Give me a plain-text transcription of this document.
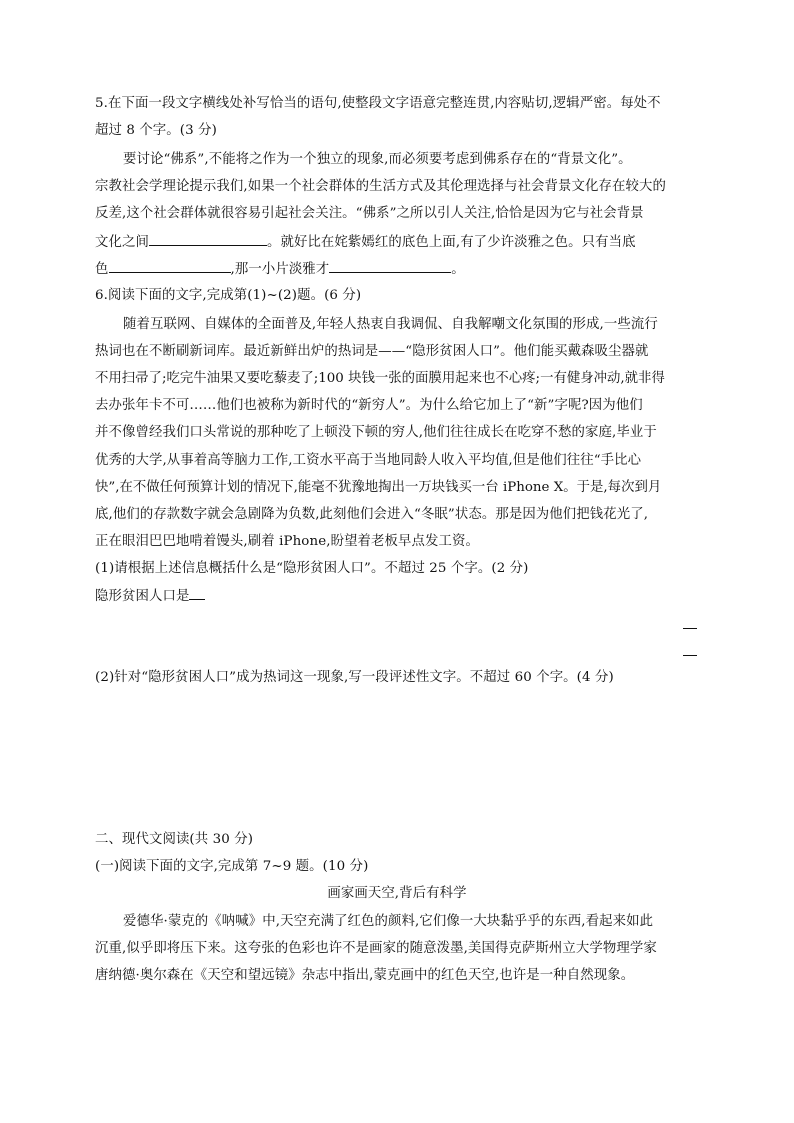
5.在下面一段文字横线处补写恰当的语句,使整段文字语意完整连贯,内容贴切,逻辑严密。每处不
超过 8 个字。(3 分)
要讨论“佛系”,不能将之作为一个独立的现象,而必须要考虑到佛系存在的“背景文化”。
宗教社会学理论提示我们,如果一个社会群体的生活方式及其伦理选择与社会背景文化存在较大的
反差,这个社会群体就很容易引起社会关注。“佛系”之所以引人关注,恰恰是因为它与社会背景
文化之间	。就好比在姹紫嫣红的底色上面,有了少许淡雅之色。只有当底
色	,那一小片淡雅才	。
6.阅读下面的文字,完成第(1)~(2)题。(6 分)
随着互联网、自媒体的全面普及,年轻人热衷自我调侃、自我解嘲文化氛围的形成,一些流行
热词也在不断刷新词库。最近新鲜出炉的热词是——“隐形贫困人口”。他们能买戴森吸尘器就
不用扫帚了;吃完牛油果又要吃藜麦了;100 块钱一张的面膜用起来也不心疼;一有健身冲动,就非得
去办张年卡不可……他们也被称为新时代的“新穷人”。为什么给它加上了“新”字呢?因为他们
并不像曾经我们口头常说的那种吃了上顿没下顿的穷人,他们往往成长在吃穿不愁的家庭,毕业于
优秀的大学,从事着高等脑力工作,工资水平高于当地同龄人收入平均值,但是他们往往“手比心
快”,在不做任何预算计划的情况下,能毫不犹豫地掏出一万块钱买一台 iPhone X。于是,每次到月
底,他们的存款数字就会急剧降为负数,此刻他们会进入“冬眠”状态。那是因为他们把钱花光了,
正在眼泪巴巴地啃着馒头,刷着 iPhone,盼望着老板早点发工资。
(1)请根据上述信息概括什么是“隐形贫困人口”。不超过 25 个字。(2 分)
隐形贫困人口是
(2)针对“隐形贫困人口”成为热词这一现象,写一段评述性文字。不超过 60 个字。(4 分)
二、现代文阅读(共 30 分)
(一)阅读下面的文字,完成第 7~9 题。(10 分)
画家画天空,背后有科学
爱德华·蒙克的《呐喊》中,天空充满了红色的颜料,它们像一大块黏乎乎的东西,看起来如此
沉重,似乎即将压下来。这夸张的色彩也许不是画家的随意泼墨,美国得克萨斯州立大学物理学家
唐纳德·奥尔森在《天空和望远镜》杂志中指出,蒙克画中的红色天空,也许是一种自然现象。
